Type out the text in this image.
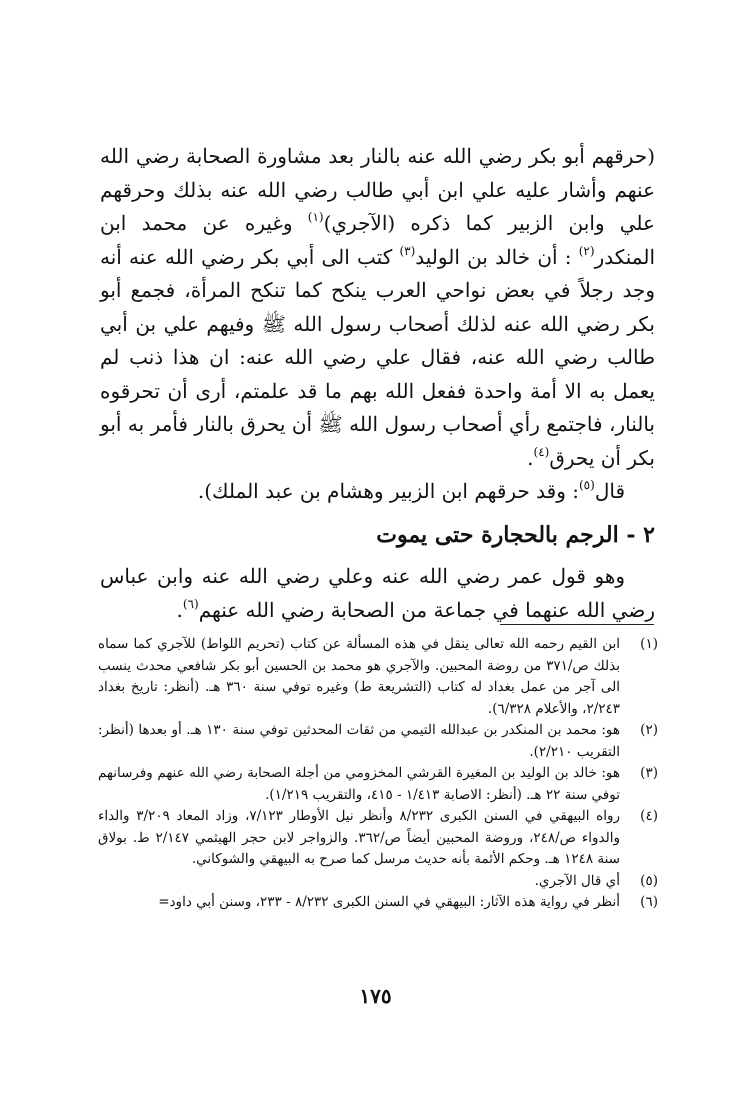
(حرقهم أبو بكر رضي الله عنه بالنار بعد مشاورة الصحابة رضي الله عنهم وأشار عليه علي ابن أبي طالب رضي الله عنه بذلك وحرقهم علي وابن الزبير كما ذكره (الآجري)$^{(١)}$ وغيره عن محمد ابن المنكدر$^{(٢)}$ : أن خالد بن الوليد$^{(٣)}$ كتب الى أبي بكر رضي الله عنه أنه وجد رجلاً في بعض نواحي العرب ينكح كما تنكح المرأة، فجمع أبو بكر رضي الله عنه لذلك أصحاب رسول الله ﷺ وفيهم علي بن أبي طالب رضي الله عنه، فقال علي رضي الله عنه: ان هذا ذنب لم يعمل به الا أمة واحدة ففعل الله بهم ما قد علمتم، أرى أن تحرقوه بالنار، فاجتمع رأي أصحاب رسول الله ﷺ أن يحرق بالنار فأمر به أبو بكر أن يحرق$^{(٤)}$.

قال$^{(٥)}$: وقد حرقهم ابن الزبير وهشام بن عبد الملك).

٢ - الرجم بالحجارة حتى يموت

وهو قول عمر رضي الله عنه وعلي رضي الله عنه وابن عباس رضي الله عنهما في جماعة من الصحابة رضي الله عنهم$^{(٦)}$.

(١)
ابن القيم رحمه الله تعالى ينقل في هذه المسألة عن كتاب (تحريم اللواط) للآجري كما سماه بذلك ص/٣٧١ من روضة المحبين. والآجري هو محمد بن الحسين أبو بكر شافعي محدث ينسب الى آجر من عمل بغداد له كتاب (التشريعة ط) وغيره توفي سنة ٣٦٠ هـ. (أنظر: تاريخ بغداد ٢/٢٤٣، والأعلام ٦/٣٢٨).
(٢)
هو: محمد بن المنكدر بن عبدالله التيمي من ثقات المحدثين توفي سنة ١٣٠ هـ. أو بعدها (أنظر: التقريب ٢/٢١٠).
(٣)
هو: خالد بن الوليد بن المغيرة القرشي المخزومي من أجلة الصحابة رضي الله عنهم وفرسانهم توفي سنة ٢٢ هـ. (أنظر: الاصابة ١/٤١٣ - ٤١٥، والتقريب ١/٢١٩).
(٤)
رواه البيهقي في السنن الكبرى ٨/٢٣٢ وأنظر نيل الأوطار ٧/١٢٣، وزاد المعاد ٣/٢٠٩ والداء والدواء ص/٢٤٨، وروضة المحبين أيضاً ص/٣٦٢. والزواجر لابن حجر الهيثمي ٢/١٤٧ ط. بولاق سنة ١٢٤٨ هـ. وحكم الأئمة بأنه حديث مرسل كما صرح به البيهقي والشوكاني.
(٥)
أي قال الآجري.
(٦)
أنظر في رواية هذه الآثار: البيهقي في السنن الكبرى ٨/٢٣٢ - ٢٣٣، وسنن أبي داود=
١٧٥
